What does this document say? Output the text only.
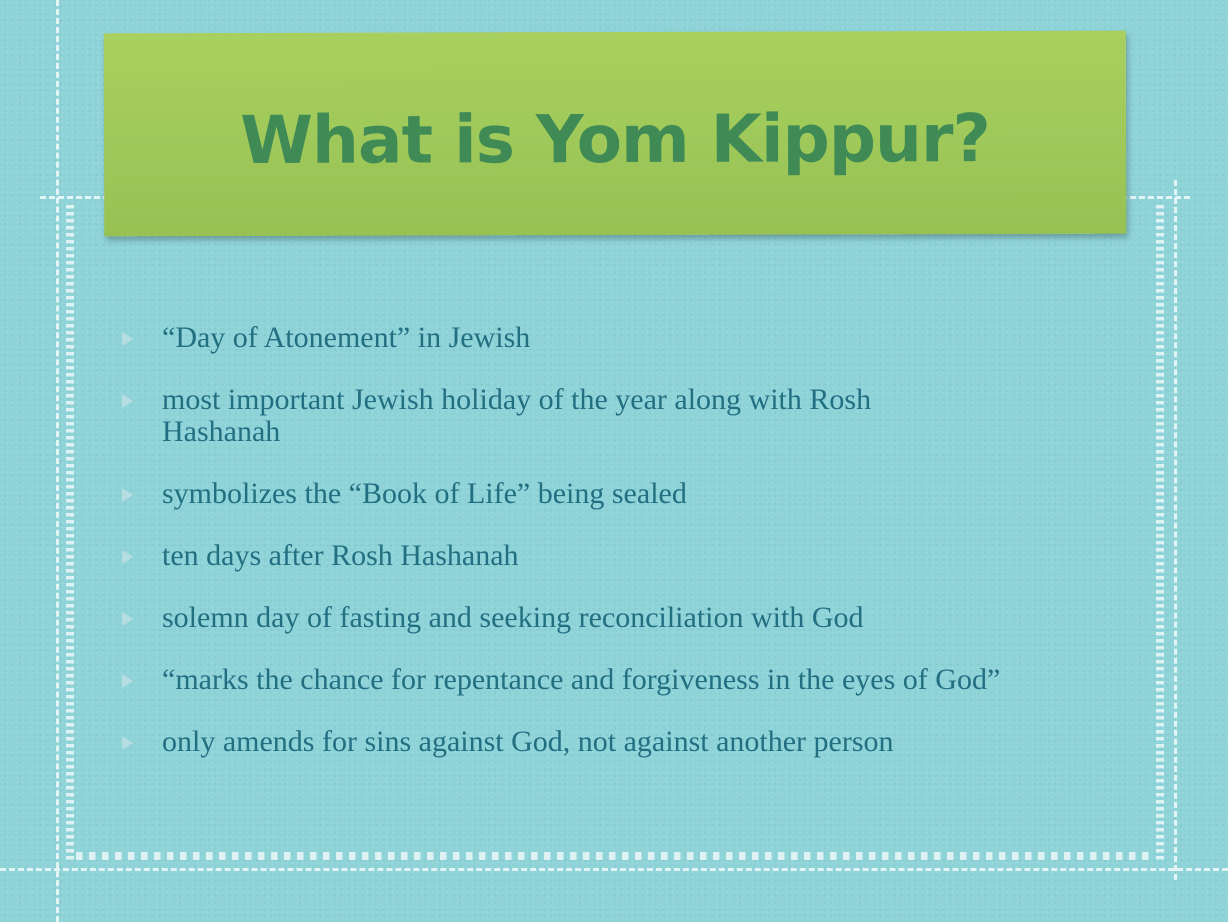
What is Yom Kippur?
“Day of Atonement” in Jewish
most important Jewish holiday of the year along with Rosh Hashanah
symbolizes the “Book of Life” being sealed
ten days after Rosh Hashanah
solemn day of fasting and seeking reconciliation with God
“marks the chance for repentance and forgiveness in the eyes of God”
only amends for sins against God, not against another person
